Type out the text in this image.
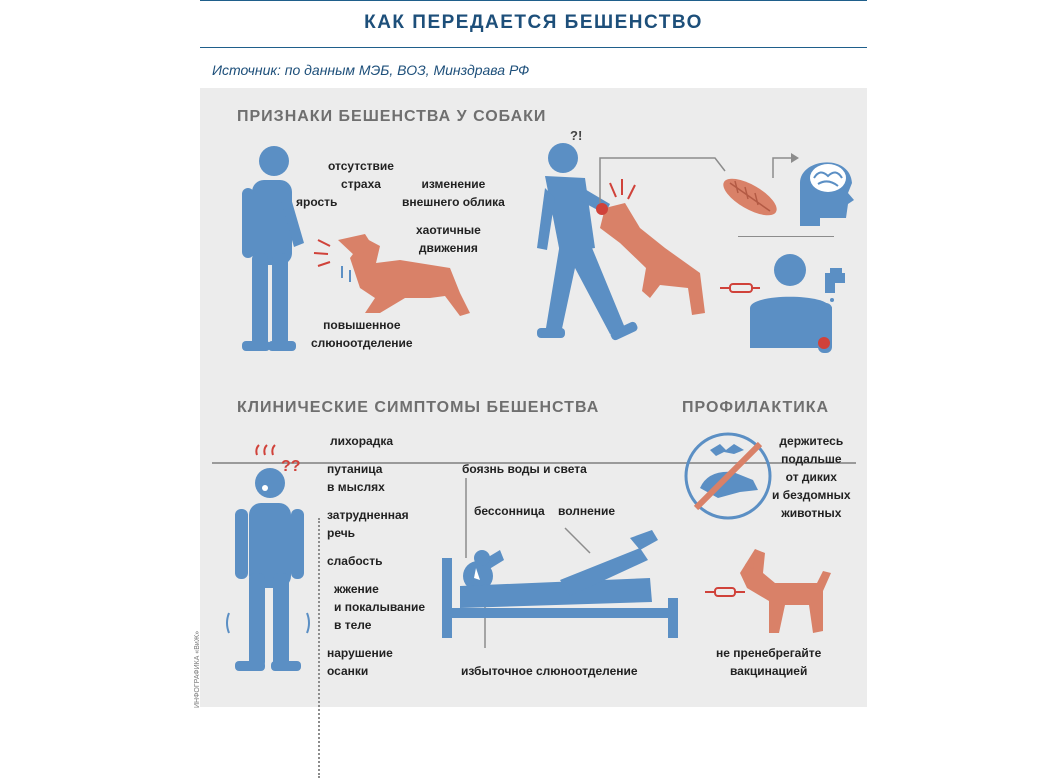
КАК ПЕРЕДАЕТСЯ БЕШЕНСТВО
Источник: по данным МЭБ, ВОЗ, Минздрава РФ
ПРИЗНАКИ БЕШЕНСТВА У СОБАКИ
отсутствие
страха
ярость
изменение
внешнего облика
хаотичные
движения
повышенное
слюноотделение
?!
КЛИНИЧЕСКИЕ СИМПТОМЫ БЕШЕНСТВА
??
лихорадка
путаница
в мыслях
затрудненная
речь
слабость
жжение
и покалывание
в теле
нарушение
осанки
боязнь воды и света
бессонница волнение
избыточное слюноотделение
ПРОФИЛАКТИКА
держитесь
подальше
от диких
и бездомных
животных
не пренебрегайте
вакцинацией
ИНФОГРАФИКА «ВиЖ»
